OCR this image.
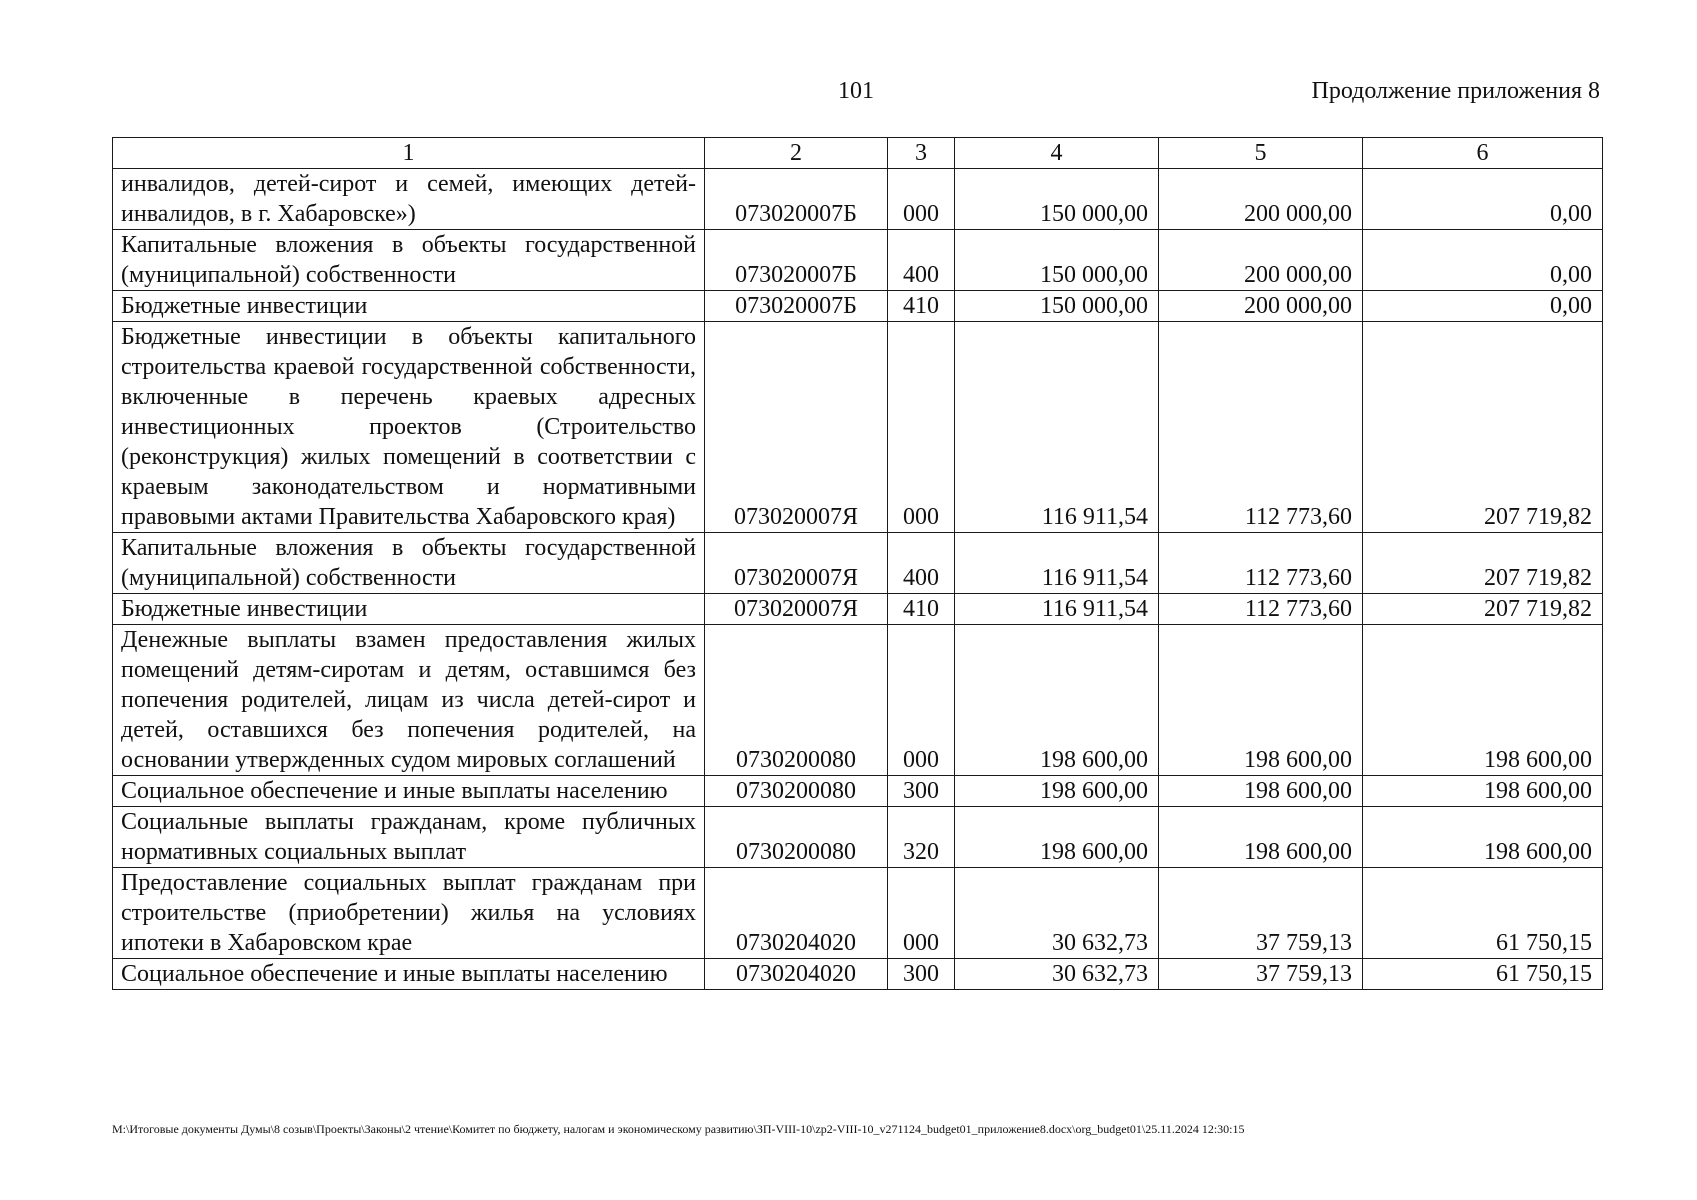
101	Продолжение приложения 8
1	2	3	4	5	6
инвалидов, детей-сирот и семей, имеющих детей-инвалидов, в г. Хабаровске»)	073020007Б	000	150 000,00	200 000,00	0,00
Капитальные вложения в объекты государственной (муниципальной) собственности	073020007Б	400	150 000,00	200 000,00	0,00
Бюджетные инвестиции	073020007Б	410	150 000,00	200 000,00	0,00
Бюджетные инвестиции в объекты капитального строительства краевой государственной собственности, включенные в перечень краевых адресных инвестиционных проектов (Строительство (реконструкция) жилых помещений в соответствии с краевым законодательством и нормативными правовыми актами Правительства Хабаровского края)	073020007Я	000	116 911,54	112 773,60	207 719,82
Капитальные вложения в объекты государственной (муниципальной) собственности	073020007Я	400	116 911,54	112 773,60	207 719,82
Бюджетные инвестиции	073020007Я	410	116 911,54	112 773,60	207 719,82
Денежные выплаты взамен предоставления жилых помещений детям-сиротам и детям, оставшимся без попечения родителей, лицам из числа детей-сирот и детей, оставшихся без попечения родителей, на основании утвержденных судом мировых соглашений	0730200080	000	198 600,00	198 600,00	198 600,00
Социальное обеспечение и иные выплаты населению	0730200080	300	198 600,00	198 600,00	198 600,00
Социальные выплаты гражданам, кроме публичных нормативных социальных выплат	0730200080	320	198 600,00	198 600,00	198 600,00
Предоставление социальных выплат гражданам при строительстве (приобретении) жилья на условиях ипотеки в Хабаровском крае	0730204020	000	30 632,73	37 759,13	61 750,15
Социальное обеспечение и иные выплаты населению	0730204020	300	30 632,73	37 759,13	61 750,15
M:\Итоговые документы Думы\8 созыв\Проекты\Законы\2 чтение\Комитет по бюджету, налогам и экономическому развитию\ЗП-VIII-10\zp2-VIII-10_v271124_budget01_приложение8.docx\org_budget01\25.11.2024 12:30:15
